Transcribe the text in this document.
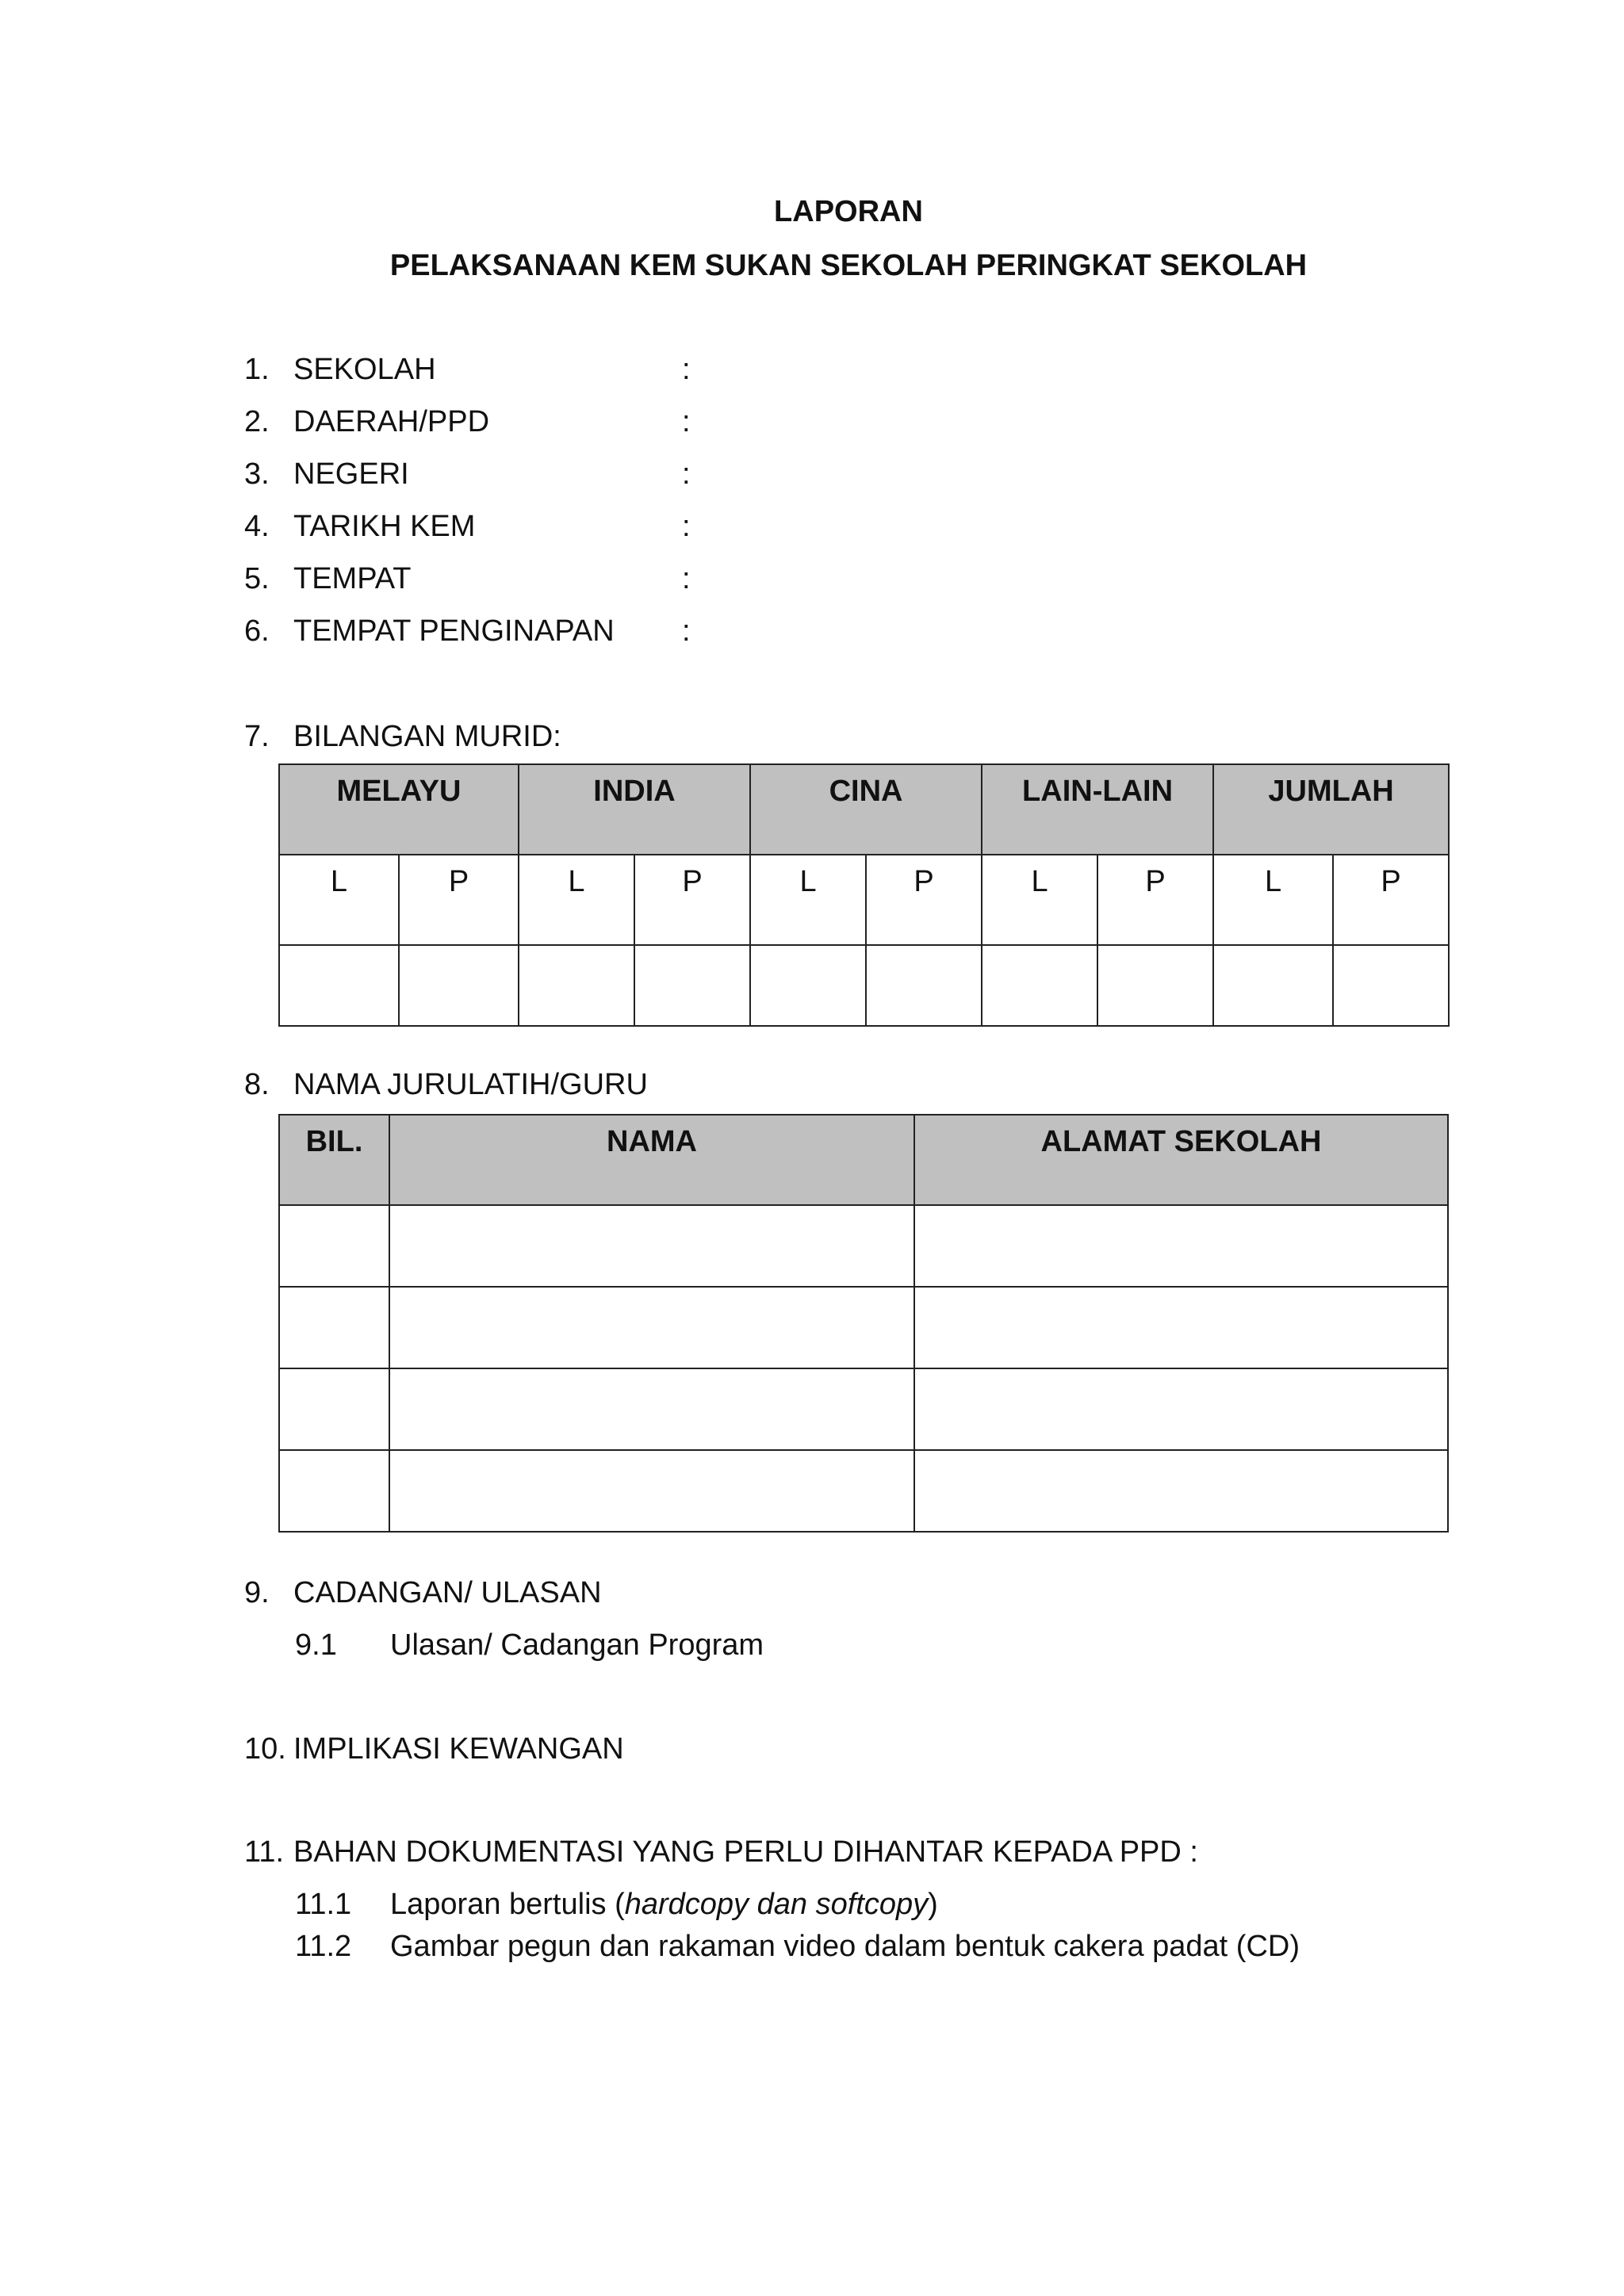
LAPORAN
PELAKSANAAN KEM SUKAN SEKOLAH PERINGKAT SEKOLAH
1. SEKOLAH	:
2. DAERAH/PPD	:
3. NEGERI	:
4. TARIKH KEM	:
5. TEMPAT	:
6. TEMPAT PENGINAPAN :
7. BILANGAN MURID:
MELAYU		INDIA		CINA		LAIN-LAIN		JUMLAH	
L	P	L	P	L	P	L	P	L	P

8. NAMA JURULATIH/GURU
BIL.	NAMA	ALAMAT SEKOLAH

9. CADANGAN/ ULASAN
9.1 Ulasan/ Cadangan Program
10. IMPLIKASI KEWANGAN
11. BAHAN DOKUMENTASI YANG PERLU DIHANTAR KEPADA PPD :
11.1 Laporan bertulis (hardcopy dan softcopy)
11.2 Gambar pegun dan rakaman video dalam bentuk cakera padat (CD)
